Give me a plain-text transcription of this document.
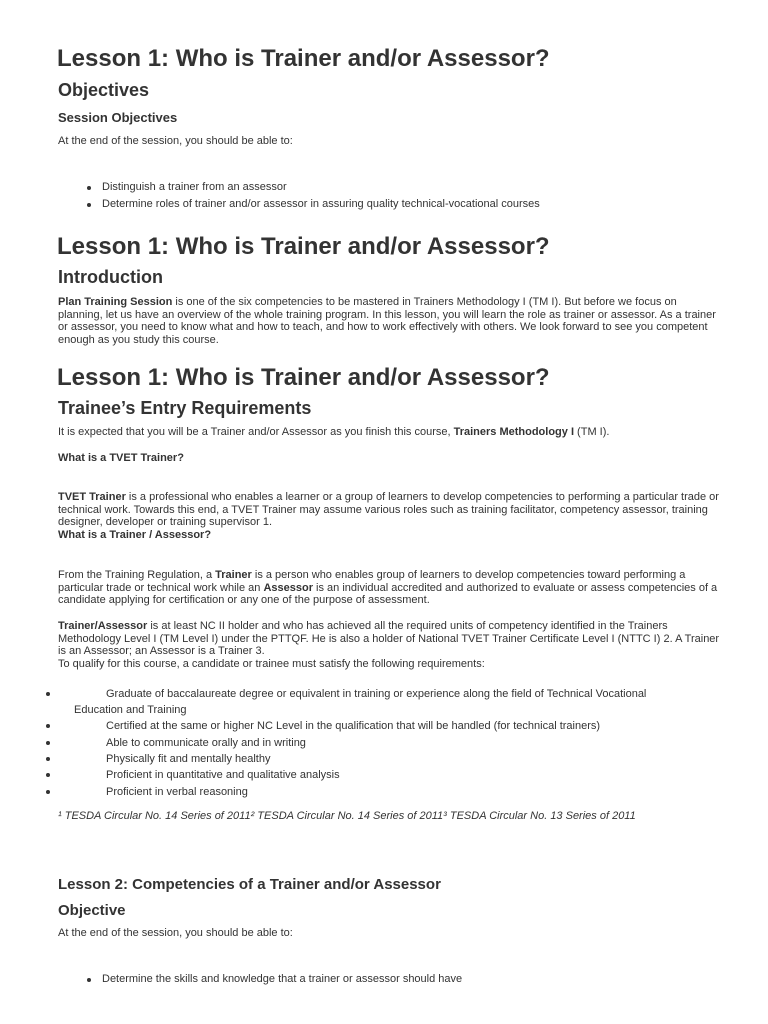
Lesson 1: Who is Trainer and/or Assessor?
Objectives
Session Objectives
At the end of the session, you should be able to:
Distinguish a trainer from an assessor
Determine roles of trainer and/or assessor in assuring quality technical-vocational courses
Lesson 1: Who is Trainer and/or Assessor?
Introduction
Plan Training Session is one of the six competencies to be mastered in Trainers Methodology I (TM I). But before we focus on planning, let us have an overview of the whole training program. In this lesson, you will learn the role as trainer or assessor. As a trainer or assessor, you need to know what and how to teach, and how to work effectively with others. We look forward to see you competent enough as you study this course.
Lesson 1: Who is Trainer and/or Assessor?
Trainee’s Entry Requirements
It is expected that you will be a Trainer and/or Assessor as you finish this course, Trainers Methodology I (TM I).
What is a TVET Trainer?
TVET Trainer is a professional who enables a learner or a group of learners to develop competencies to performing a particular trade or technical work. Towards this end, a TVET Trainer may assume various roles such as training facilitator, competency assessor, training designer, developer or training supervisor 1.
What is a Trainer / Assessor?
From the Training Regulation, a Trainer is a person who enables group of learners to develop competencies toward performing a particular trade or technical work while an Assessor is an individual accredited and authorized to evaluate or assess competencies of a candidate applying for certification or any one of the purpose of assessment.
Trainer/Assessor is at least NC II holder and who has achieved all the required units of competency identified in the Trainers Methodology Level I (TM Level I) under the PTTQF. He is also a holder of National TVET Trainer Certificate Level I (NTTC I) 2. A Trainer is an Assessor; an Assessor is a Trainer 3.
To qualify for this course, a candidate or trainee must satisfy the following requirements:
Graduate of baccalaureate degree or equivalent in training or experience along the field of Technical Vocational
Education and Training
Certified at the same or higher NC Level in the qualification that will be handled (for technical trainers)
Able to communicate orally and in writing
Physically fit and mentally healthy
Proficient in quantitative and qualitative analysis
Proficient in verbal reasoning
¹ TESDA Circular No. 14 Series of 2011² TESDA Circular No. 14 Series of 2011³ TESDA Circular No. 13 Series of 2011
Lesson 2: Competencies of a Trainer and/or Assessor
Objective
At the end of the session, you should be able to:
Determine the skills and knowledge that a trainer or assessor should have
